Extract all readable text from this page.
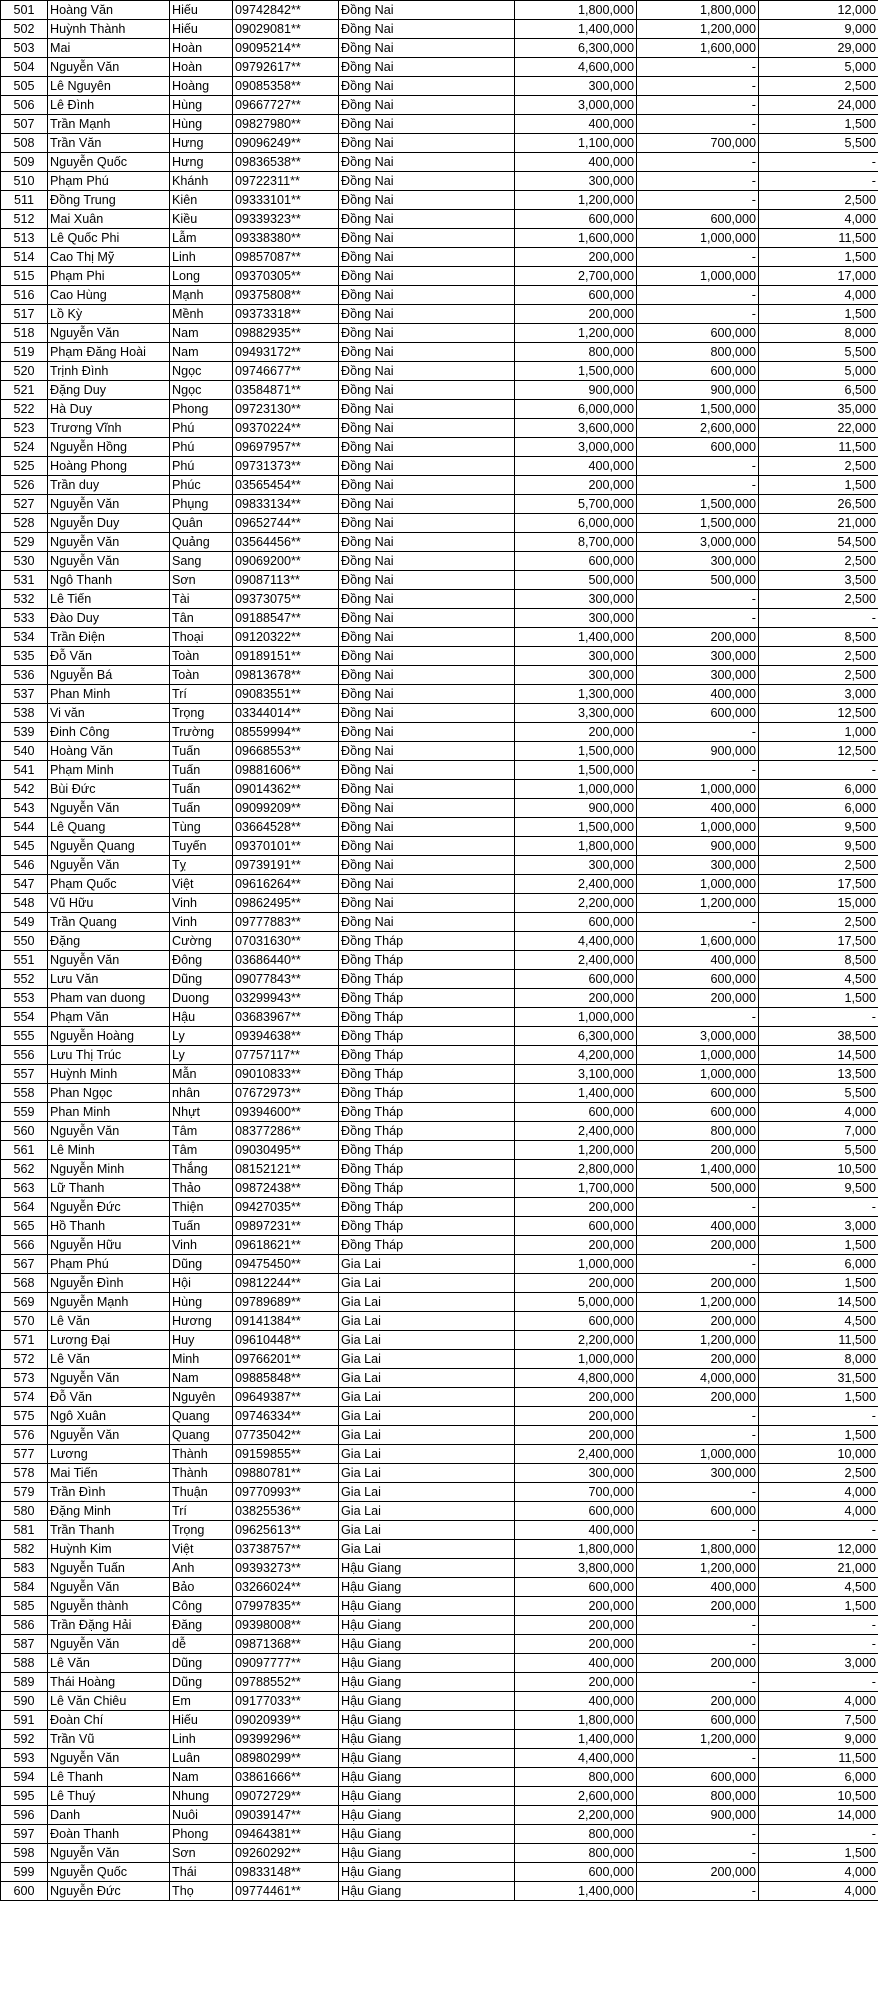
501	Hoàng Văn	Hiếu	09742842**	Đồng Nai	1,800,000	1,800,000	12,000
502	Huỳnh Thành	Hiếu	09029081**	Đồng Nai	1,400,000	1,200,000	9,000
503	Mai	Hoàn	09095214**	Đồng Nai	6,300,000	1,600,000	29,000
504	Nguyễn Văn	Hoàn	09792617**	Đồng Nai	4,600,000	-	5,000
505	Lê Nguyên	Hoàng	09085358**	Đồng Nai	300,000	-	2,500
506	Lê Đình	Hùng	09667727**	Đồng Nai	3,000,000	-	24,000
507	Trần Mạnh	Hùng	09827980**	Đồng Nai	400,000	-	1,500
508	Trần Văn	Hưng	09096249**	Đồng Nai	1,100,000	700,000	5,500
509	Nguyễn Quốc	Hưng	09836538**	Đồng Nai	400,000	-	-
510	Phạm Phú	Khánh	09722311**	Đồng Nai	300,000	-	-
511	Đồng Trung	Kiên	09333101**	Đồng Nai	1,200,000	-	2,500
512	Mai Xuân	Kiều	09339323**	Đồng Nai	600,000	600,000	4,000
513	Lê Quốc Phi	Lẫm	09338380**	Đồng Nai	1,600,000	1,000,000	11,500
514	Cao Thị Mỹ	Linh	09857087**	Đồng Nai	200,000	-	1,500
515	Phạm Phi	Long	09370305**	Đồng Nai	2,700,000	1,000,000	17,000
516	Cao Hùng	Mạnh	09375808**	Đồng Nai	600,000	-	4,000
517	Lồ Kỳ	Mềnh	09373318**	Đồng Nai	200,000	-	1,500
518	Nguyễn Văn	Nam	09882935**	Đồng Nai	1,200,000	600,000	8,000
519	Phạm Đăng Hoài	Nam	09493172**	Đồng Nai	800,000	800,000	5,500
520	Trịnh Đình	Ngọc	09746677**	Đồng Nai	1,500,000	600,000	5,000
521	Đặng Duy	Ngọc	03584871**	Đồng Nai	900,000	900,000	6,500
522	Hà Duy	Phong	09723130**	Đồng Nai	6,000,000	1,500,000	35,000
523	Trương Vĩnh	Phú	09370224**	Đồng Nai	3,600,000	2,600,000	22,000
524	Nguyễn Hồng	Phú	09697957**	Đồng Nai	3,000,000	600,000	11,500
525	Hoàng Phong	Phú	09731373**	Đồng Nai	400,000	-	2,500
526	Trần duy	Phúc	03565454**	Đồng Nai	200,000	-	1,500
527	Nguyễn Văn	Phụng	09833134**	Đồng Nai	5,700,000	1,500,000	26,500
528	Nguyễn Duy	Quân	09652744**	Đồng Nai	6,000,000	1,500,000	21,000
529	Nguyễn Văn	Quảng	03564456**	Đồng Nai	8,700,000	3,000,000	54,500
530	Nguyễn Văn	Sang	09069200**	Đồng Nai	600,000	300,000	2,500
531	Ngô Thanh	Sơn	09087113**	Đồng Nai	500,000	500,000	3,500
532	Lê Tiến	Tài	09373075**	Đồng Nai	300,000	-	2,500
533	Đào Duy	Tân	09188547**	Đồng Nai	300,000	-	-
534	Trần Điện	Thoại	09120322**	Đồng Nai	1,400,000	200,000	8,500
535	Đỗ Văn	Toàn	09189151**	Đồng Nai	300,000	300,000	2,500
536	Nguyễn Bá	Toàn	09813678**	Đồng Nai	300,000	300,000	2,500
537	Phan Minh	Trí	09083551**	Đồng Nai	1,300,000	400,000	3,000
538	Vi văn	Trọng	03344014**	Đồng Nai	3,300,000	600,000	12,500
539	Đinh Công	Trường	08559994**	Đồng Nai	200,000	-	1,000
540	Hoàng Văn	Tuấn	09668553**	Đồng Nai	1,500,000	900,000	12,500
541	Phạm Minh	Tuấn	09881606**	Đồng Nai	1,500,000	-	-
542	Bùi Đức	Tuấn	09014362**	Đồng Nai	1,000,000	1,000,000	6,000
543	Nguyễn Văn	Tuấn	09099209**	Đồng Nai	900,000	400,000	6,000
544	Lê Quang	Tùng	03664528**	Đồng Nai	1,500,000	1,000,000	9,500
545	Nguyễn Quang	Tuyến	09370101**	Đồng Nai	1,800,000	900,000	9,500
546	Nguyễn Văn	Tỵ	09739191**	Đồng Nai	300,000	300,000	2,500
547	Phạm Quốc	Việt	09616264**	Đồng Nai	2,400,000	1,000,000	17,500
548	Vũ Hữu	Vinh	09862495**	Đồng Nai	2,200,000	1,200,000	15,000
549	Trần Quang	Vinh	09777883**	Đồng Nai	600,000	-	2,500
550	Đặng	Cường	07031630**	Đồng Tháp	4,400,000	1,600,000	17,500
551	Nguyễn Văn	Đông	03686440**	Đồng Tháp	2,400,000	400,000	8,500
552	Lưu Văn	Dũng	09077843**	Đồng Tháp	600,000	600,000	4,500
553	Pham van duong	Duong	03299943**	Đồng Tháp	200,000	200,000	1,500
554	Phạm Văn	Hậu	03683967**	Đồng Tháp	1,000,000	-	-
555	Nguyễn Hoàng	Ly	09394638**	Đồng Tháp	6,300,000	3,000,000	38,500
556	Lưu Thị Trúc	Ly	07757117**	Đồng Tháp	4,200,000	1,000,000	14,500
557	Huỳnh Minh	Mẫn	09010833**	Đồng Tháp	3,100,000	1,000,000	13,500
558	Phan Ngọc	nhân	07672973**	Đồng Tháp	1,400,000	600,000	5,500
559	Phan Minh	Nhựt	09394600**	Đồng Tháp	600,000	600,000	4,000
560	Nguyễn Văn	Tâm	08377286**	Đồng Tháp	2,400,000	800,000	7,000
561	Lê Minh	Tâm	09030495**	Đồng Tháp	1,200,000	200,000	5,500
562	Nguyễn Minh	Thắng	08152121**	Đồng Tháp	2,800,000	1,400,000	10,500
563	Lữ Thanh	Thảo	09872438**	Đồng Tháp	1,700,000	500,000	9,500
564	Nguyễn Đức	Thiện	09427035**	Đồng Tháp	200,000	-	-
565	Hồ Thanh	Tuấn	09897231**	Đồng Tháp	600,000	400,000	3,000
566	Nguyễn Hữu	Vinh	09618621**	Đồng Tháp	200,000	200,000	1,500
567	Phạm Phú	Dũng	09475450**	Gia Lai	1,000,000	-	6,000
568	Nguyễn Đình	Hội	09812244**	Gia Lai	200,000	200,000	1,500
569	Nguyễn Mạnh	Hùng	09789689**	Gia Lai	5,000,000	1,200,000	14,500
570	Lê Văn	Hương	09141384**	Gia Lai	600,000	200,000	4,500
571	Lương Đại	Huy	09610448**	Gia Lai	2,200,000	1,200,000	11,500
572	Lê Văn	Minh	09766201**	Gia Lai	1,000,000	200,000	8,000
573	Nguyễn Văn	Nam	09885848**	Gia Lai	4,800,000	4,000,000	31,500
574	Đỗ Văn	Nguyên	09649387**	Gia Lai	200,000	200,000	1,500
575	Ngô Xuân	Quang	09746334**	Gia Lai	200,000	-	-
576	Nguyễn Văn	Quang	07735042**	Gia Lai	200,000	-	1,500
577	Lương	Thành	09159855**	Gia Lai	2,400,000	1,000,000	10,000
578	Mai Tiến	Thành	09880781**	Gia Lai	300,000	300,000	2,500
579	Trần Đình	Thuận	09770993**	Gia Lai	700,000	-	4,000
580	Đặng Minh	Trí	03825536**	Gia Lai	600,000	600,000	4,000
581	Trần Thanh	Trọng	09625613**	Gia Lai	400,000	-	-
582	Huỳnh Kim	Việt	03738757**	Gia Lai	1,800,000	1,800,000	12,000
583	Nguyễn Tuấn	Anh	09393273**	Hậu Giang	3,800,000	1,200,000	21,000
584	Nguyễn Văn	Bảo	03266024**	Hậu Giang	600,000	400,000	4,500
585	Nguyễn thành	Công	07997835**	Hậu Giang	200,000	200,000	1,500
586	Trần Đặng Hải	Đăng	09398008**	Hậu Giang	200,000	-	-
587	Nguyễn Văn	dễ	09871368**	Hậu Giang	200,000	-	-
588	Lê Văn	Dũng	09097777**	Hậu Giang	400,000	200,000	3,000
589	Thái Hoàng	Dũng	09788552**	Hậu Giang	200,000	-	-
590	Lê Văn Chiêu	Em	09177033**	Hậu Giang	400,000	200,000	4,000
591	Đoàn Chí	Hiếu	09020939**	Hậu Giang	1,800,000	600,000	7,500
592	Trần Vũ	Linh	09399296**	Hậu Giang	1,400,000	1,200,000	9,000
593	Nguyễn Văn	Luân	08980299**	Hậu Giang	4,400,000	-	11,500
594	Lê Thanh	Nam	03861666**	Hậu Giang	800,000	600,000	6,000
595	Lê Thuý	Nhung	09072729**	Hậu Giang	2,600,000	800,000	10,500
596	Danh	Nuôi	09039147**	Hậu Giang	2,200,000	900,000	14,000
597	Đoàn Thanh	Phong	09464381**	Hậu Giang	800,000	-	-
598	Nguyễn Văn	Sơn	09260292**	Hậu Giang	800,000	-	1,500
599	Nguyễn Quốc	Thái	09833148**	Hậu Giang	600,000	200,000	4,000
600	Nguyễn Đức	Thọ	09774461**	Hậu Giang	1,400,000	-	4,000
